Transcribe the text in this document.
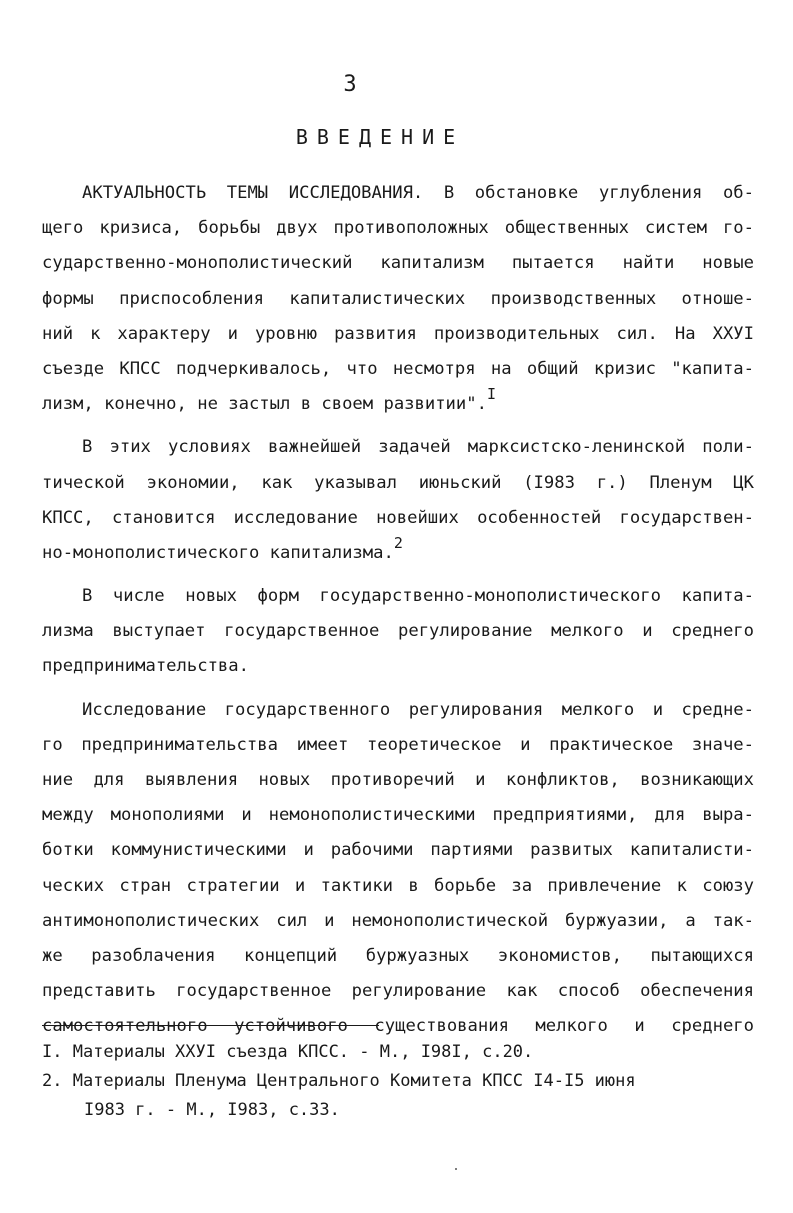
3
ВВЕДЕНИЕ
АКТУАЛЬНОСТЬ ТЕМЫ ИССЛЕДОВАНИЯ. В обстановке углубления об-
щего кризиса, борьбы двух противоположных общественных систем го-
сударственно-монополистический капитализм пытается найти новые
формы приспособления капиталистических производственных отноше-
ний к характеру и уровню развития производительных сил. На ХХУI
съезде КПСС подчеркивалось, что несмотря на общий кризис "капита-
лизм, конечно, не застыл в своем развитии".$^I$
В этих условиях важнейшей задачей марксистско-ленинской поли-
тической экономии, как указывал июньский (I983 г.) Пленум ЦК
КПСС, становится исследование новейших особенностей государствен-
но-монополистического капитализма.$^2$
В числе новых форм государственно-монополистического капита-
лизма выступает государственное регулирование мелкого и среднего
предпринимательства.
Исследование государственного регулирования мелкого и средне-
го предпринимательства имеет теоретическое и практическое значе-
ние для выявления новых противоречий и конфликтов, возникающих
между монополиями и немонополистическими предприятиями, для выра-
ботки коммунистическими и рабочими партиями развитых капиталисти-
ческих стран стратегии и тактики в борьбе за привлечение к союзу
антимонополистических сил и немонополистической буржуазии, а так-
же разоблачения концепций буржуазных экономистов, пытающихся
представить государственное регулирование как способ обеспечения
самостоятельного устойчивого существования мелкого и среднего
I. Материалы ХХУI съезда КПСС. - М., I98I, с.20.
2. Материалы Пленума Центрального Комитета КПСС I4-I5 июня
I983 г. - М., I983, с.33.
